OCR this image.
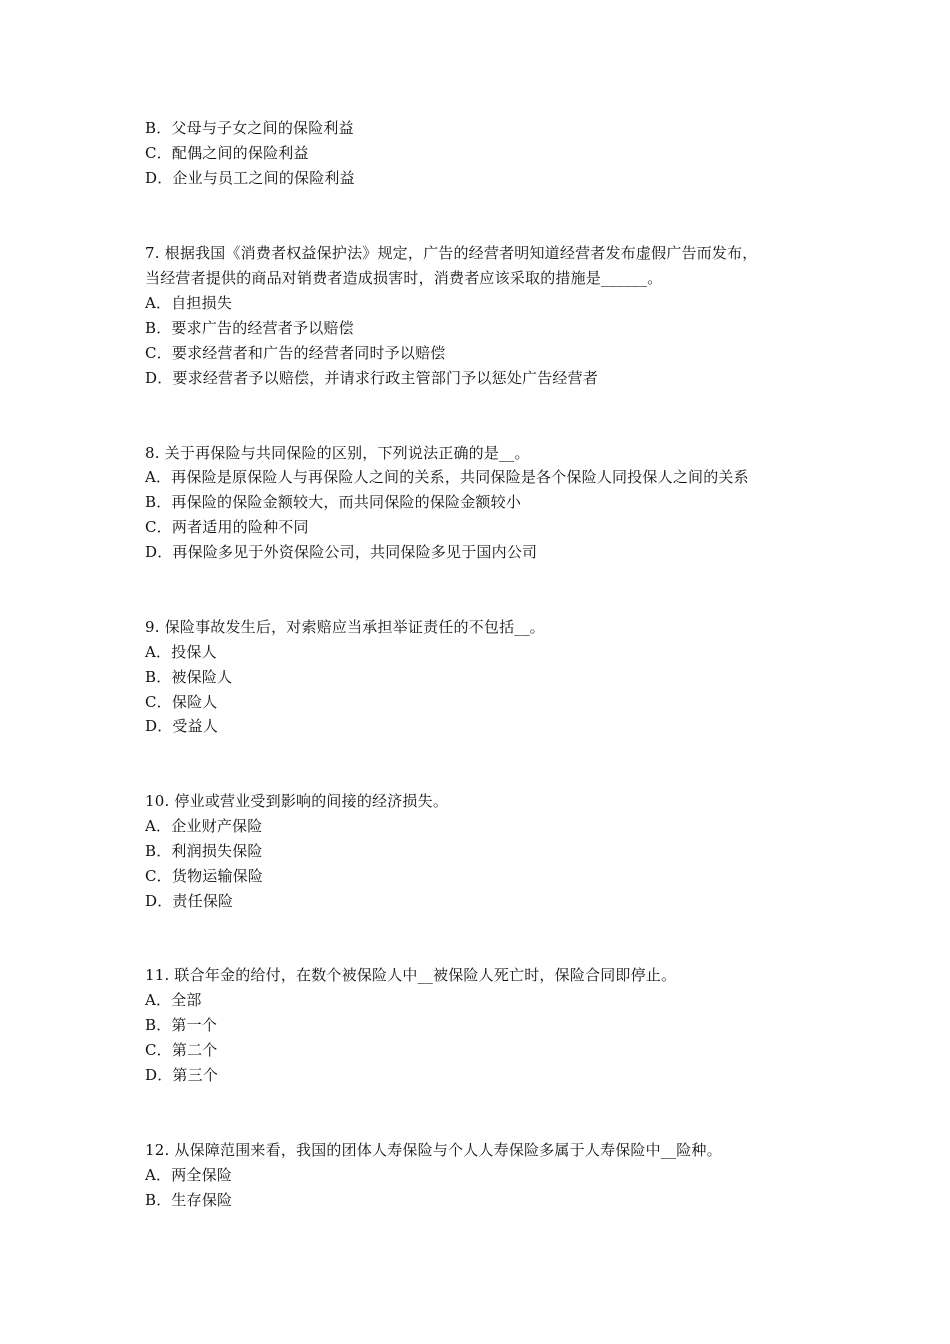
B．父母与子女之间的保险利益
C．配偶之间的保险利益
D．企业与员工之间的保险利益
7. 根据我国《消费者权益保护法》规定，广告的经营者明知道经营者发布虚假广告而发布，
当经营者提供的商品对销费者造成损害时，消费者应该采取的措施是______。
A．自担损失
B．要求广告的经营者予以赔偿
C．要求经营者和广告的经营者同时予以赔偿
D．要求经营者予以赔偿，并请求行政主管部门予以惩处广告经营者
8. 关于再保险与共同保险的区别，下列说法正确的是__。
A．再保险是原保险人与再保险人之间的关系，共同保险是各个保险人同投保人之间的关系
B．再保险的保险金额较大，而共同保险的保险金额较小
C．两者适用的险种不同
D．再保险多见于外资保险公司，共同保险多见于国内公司
9. 保险事故发生后，对索赔应当承担举证责任的不包括__。
A．投保人
B．被保险人
C．保险人
D．受益人
10. 停业或营业受到影响的间接的经济损失。
A．企业财产保险
B．利润损失保险
C．货物运输保险
D．责任保险
11. 联合年金的给付，在数个被保险人中__被保险人死亡时，保险合同即停止。
A．全部
B．第一个
C．第二个
D．第三个
12. 从保障范围来看，我国的团体人寿保险与个人人寿保险多属于人寿保险中__险种。
A．两全保险
B．生存保险
